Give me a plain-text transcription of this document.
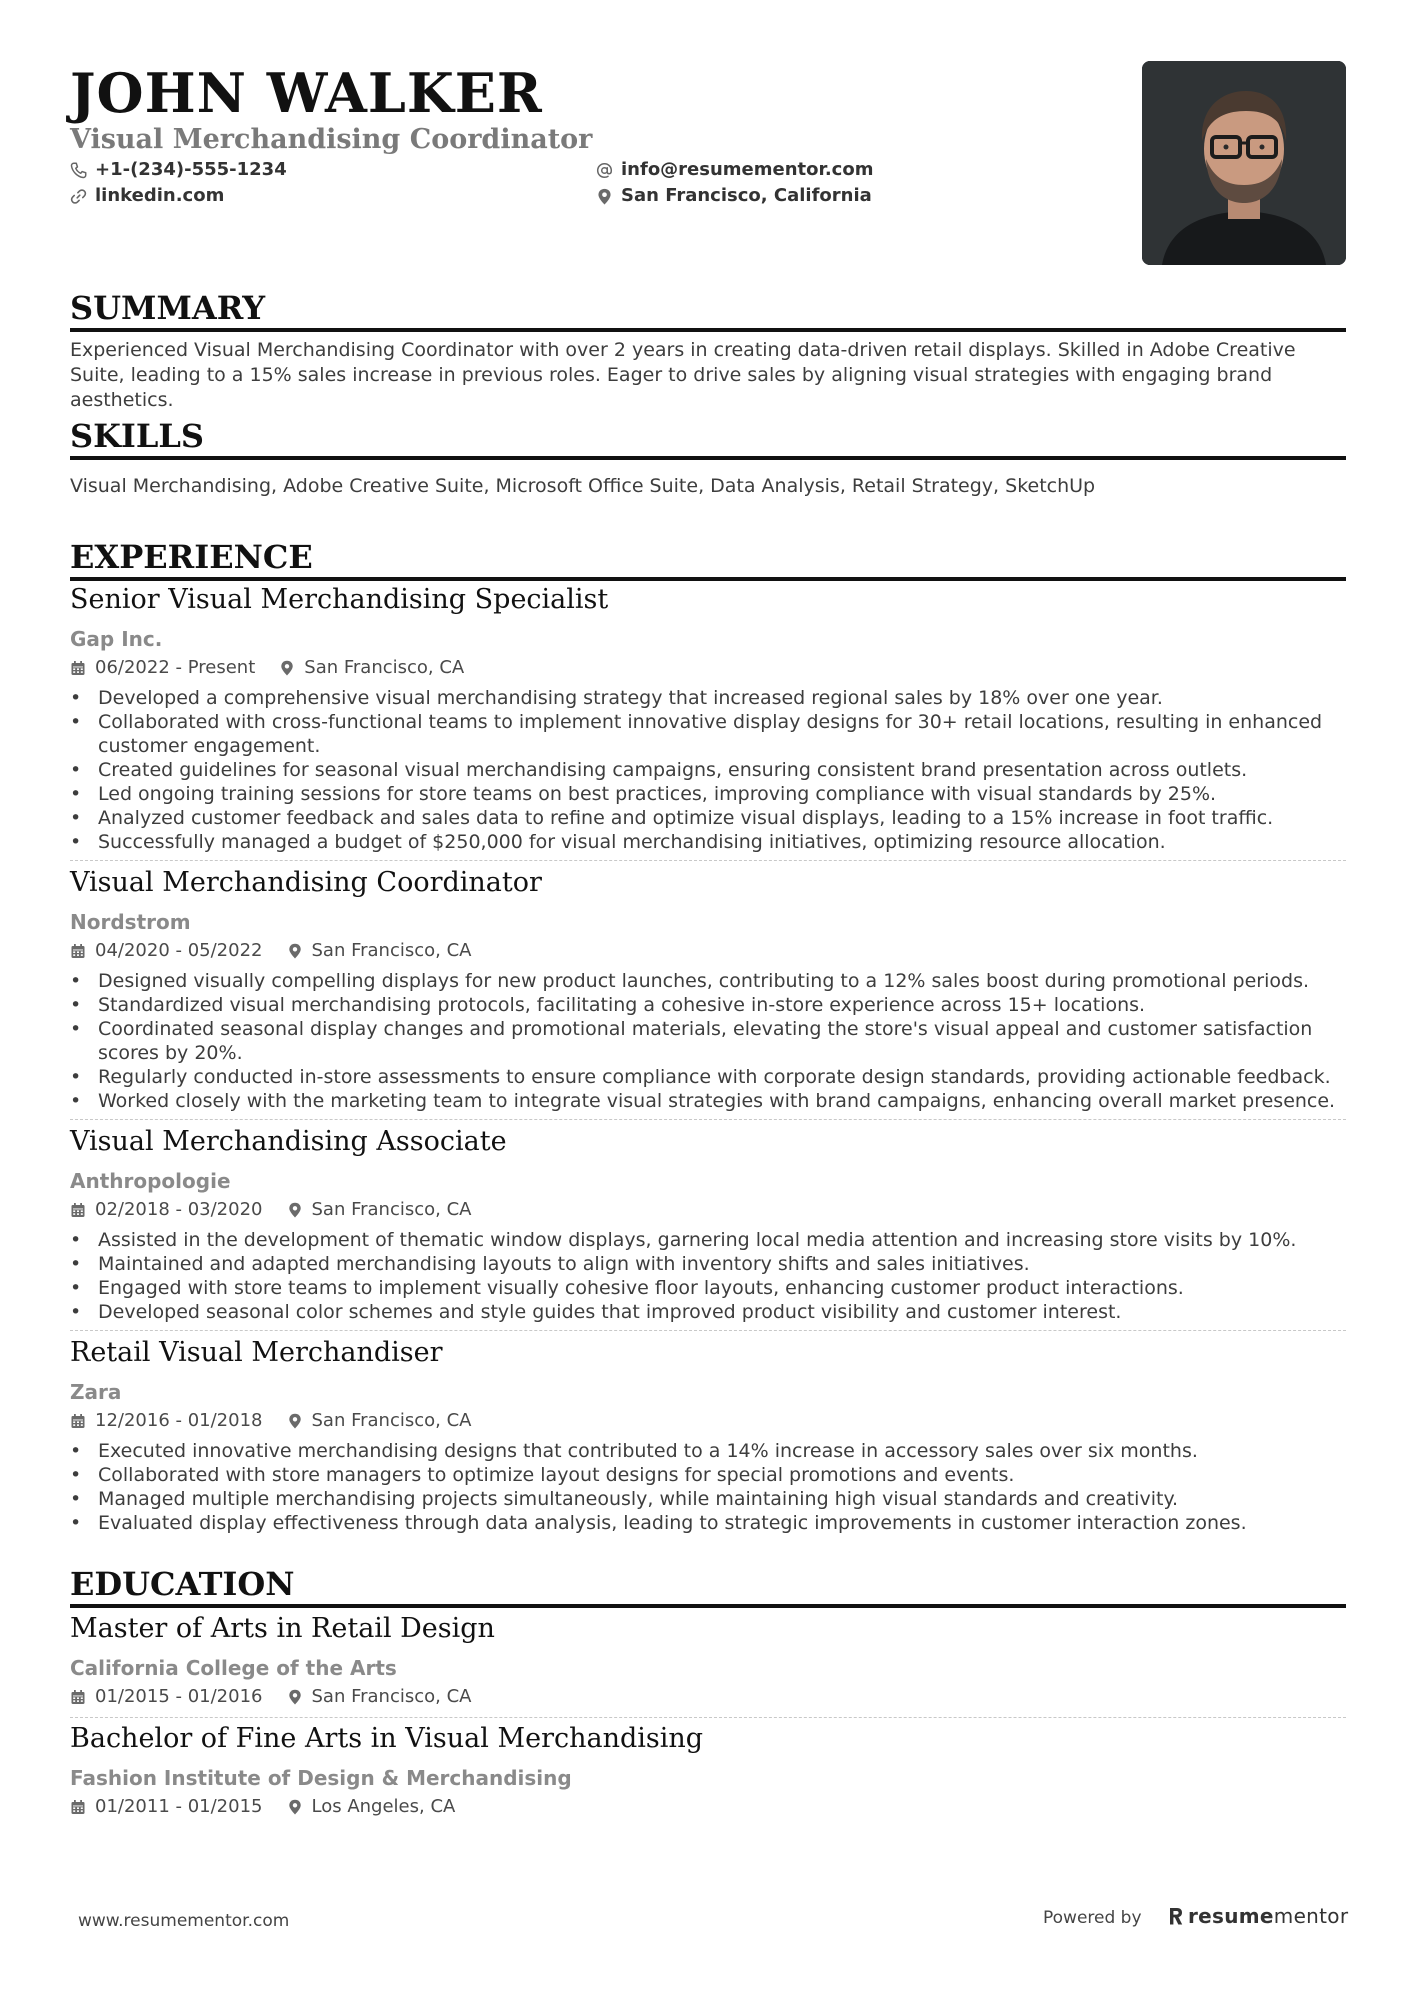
JOHN WALKER
Visual Merchandising Coordinator
+1-(234)-555-1234
linkedin.com
info@resumementor.com
San Francisco, California
SUMMARY
Experienced Visual Merchandising Coordinator with over 2 years in creating data-driven retail displays. Skilled in Adobe Creative Suite, leading to a 15% sales increase in previous roles. Eager to drive sales by aligning visual strategies with engaging brand aesthetics.
SKILLS
Visual Merchandising, Adobe Creative Suite, Microsoft Office Suite, Data Analysis, Retail Strategy, SketchUp
EXPERIENCE
Senior Visual Merchandising Specialist
Gap Inc.
06/2022 - Present	San Francisco, CA
• Developed a comprehensive visual merchandising strategy that increased regional sales by 18% over one year.
• Collaborated with cross-functional teams to implement innovative display designs for 30+ retail locations, resulting in enhanced customer engagement.
• Created guidelines for seasonal visual merchandising campaigns, ensuring consistent brand presentation across outlets.
• Led ongoing training sessions for store teams on best practices, improving compliance with visual standards by 25%.
• Analyzed customer feedback and sales data to refine and optimize visual displays, leading to a 15% increase in foot traffic.
• Successfully managed a budget of $250,000 for visual merchandising initiatives, optimizing resource allocation.
Visual Merchandising Coordinator
Nordstrom
04/2020 - 05/2022	San Francisco, CA
• Designed visually compelling displays for new product launches, contributing to a 12% sales boost during promotional periods.
• Standardized visual merchandising protocols, facilitating a cohesive in-store experience across 15+ locations.
• Coordinated seasonal display changes and promotional materials, elevating the store's visual appeal and customer satisfaction scores by 20%.
• Regularly conducted in-store assessments to ensure compliance with corporate design standards, providing actionable feedback.
• Worked closely with the marketing team to integrate visual strategies with brand campaigns, enhancing overall market presence.
Visual Merchandising Associate
Anthropologie
02/2018 - 03/2020	San Francisco, CA
• Assisted in the development of thematic window displays, garnering local media attention and increasing store visits by 10%.
• Maintained and adapted merchandising layouts to align with inventory shifts and sales initiatives.
• Engaged with store teams to implement visually cohesive floor layouts, enhancing customer product interactions.
• Developed seasonal color schemes and style guides that improved product visibility and customer interest.
Retail Visual Merchandiser
Zara
12/2016 - 01/2018	San Francisco, CA
• Executed innovative merchandising designs that contributed to a 14% increase in accessory sales over six months.
• Collaborated with store managers to optimize layout designs for special promotions and events.
• Managed multiple merchandising projects simultaneously, while maintaining high visual standards and creativity.
• Evaluated display effectiveness through data analysis, leading to strategic improvements in customer interaction zones.
EDUCATION
Master of Arts in Retail Design
California College of the Arts
01/2015 - 01/2016	San Francisco, CA
Bachelor of Fine Arts in Visual Merchandising
Fashion Institute of Design & Merchandising
01/2011 - 01/2015	Los Angeles, CA
www.resumementor.com	Powered by resumementor
